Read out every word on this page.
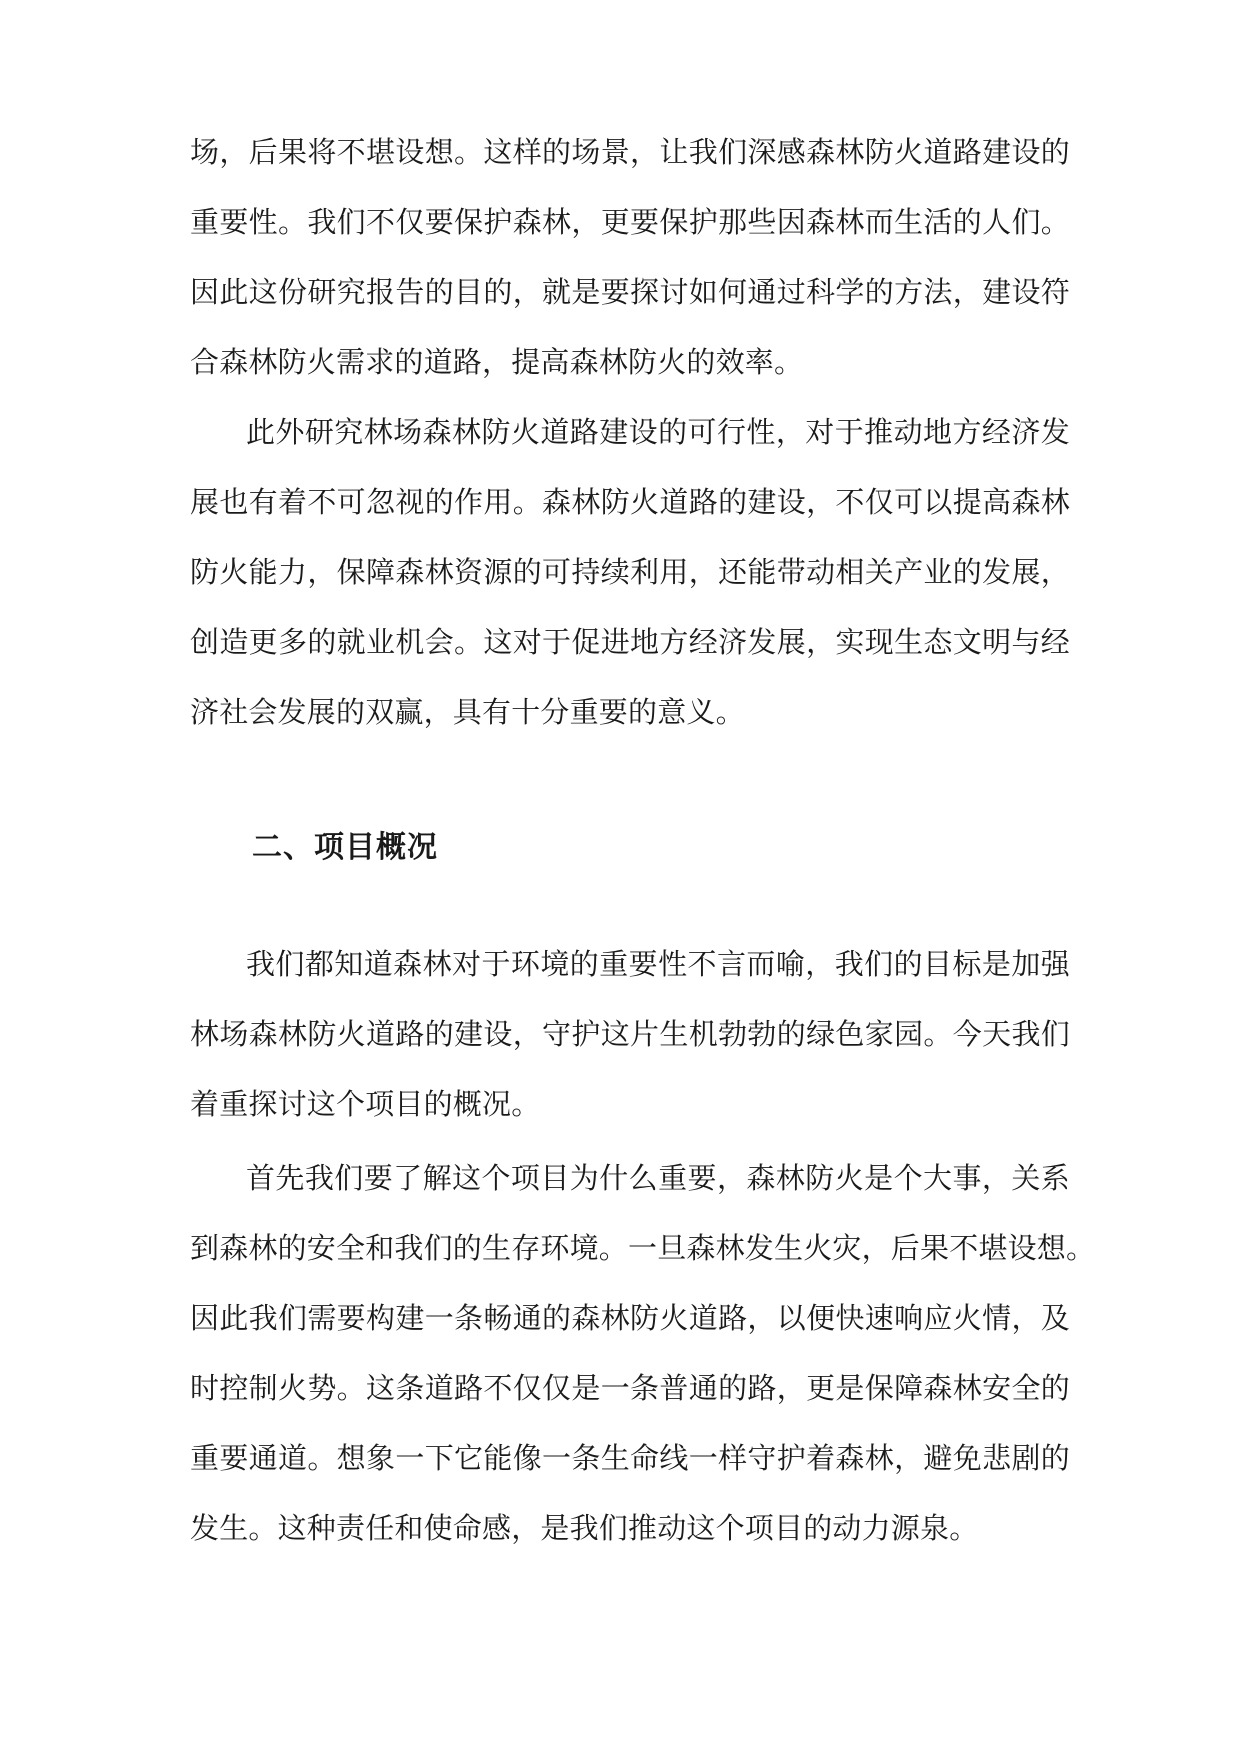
场，后果将不堪设想。这样的场景，让我们深感森林防火道路建设的
重要性。我们不仅要保护森林，更要保护那些因森林而生活的人们。
因此这份研究报告的目的，就是要探讨如何通过科学的方法，建设符
合森林防火需求的道路，提高森林防火的效率。
此外研究林场森林防火道路建设的可行性，对于推动地方经济发
展也有着不可忽视的作用。森林防火道路的建设，不仅可以提高森林
防火能力，保障森林资源的可持续利用，还能带动相关产业的发展，
创造更多的就业机会。这对于促进地方经济发展，实现生态文明与经
济社会发展的双赢，具有十分重要的意义。
二、项目概况
我们都知道森林对于环境的重要性不言而喻，我们的目标是加强
林场森林防火道路的建设，守护这片生机勃勃的绿色家园。今天我们
着重探讨这个项目的概况。
首先我们要了解这个项目为什么重要，森林防火是个大事，关系
到森林的安全和我们的生存环境。一旦森林发生火灾，后果不堪设想。
因此我们需要构建一条畅通的森林防火道路，以便快速响应火情，及
时控制火势。这条道路不仅仅是一条普通的路，更是保障森林安全的
重要通道。想象一下它能像一条生命线一样守护着森林，避免悲剧的
发生。这种责任和使命感，是我们推动这个项目的动力源泉。
